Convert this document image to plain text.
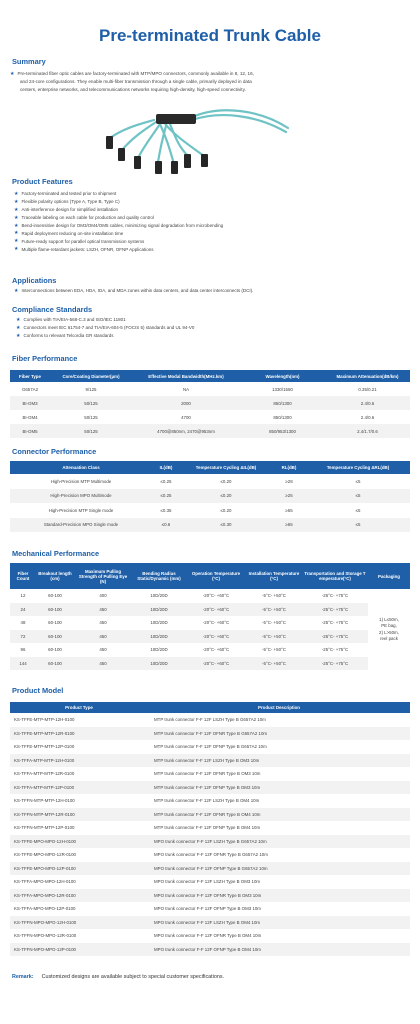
Pre-terminated Trunk Cable
Summary
★ Pre-terminated fiber optic cables are factory-terminated with MTP/MPO connectors, commonly available in 8, 12, 16,
and 24-core configurations. They enable multi-fiber transmission through a single cable, primarily deployed in data
centers, enterprise networks, and telecommunications networks requiring high-density, high-speed connectivity.
Product Features
★ Factory-terminated and tested prior to shipment
★ Flexible polarity options (Type A, Type B, Type C)
★ Anti-interference design for simplified installation
★ Traceable labeling on each cable for production and quality control
★ Bend-insensitive design for OM3/OM4/OM5 cables, minimizing signal degradation from microbending
★ Rapid deployment reducing on-site installation time
★ Future-ready support for parallel optical transmission systems
★ Multiple flame-retardant jackets: LSZH, OFNR, OFNP Applications
Applications
★ Interconnections between EDA, HDA, IDA, and MDA zones within data centers, and data center interconnects (DCI).
Compliance Standards
★ Complies with TIA/EIA-568-C.3 and ISO/IEC 11801
★ Connectors meet IEC 61754-7 and TIA/EIA-604-5 (FOCIS 5) standards and UL 94-V0
★ Conforms to relevant Telcordia GR standards
Fiber Performance
Fiber Type	Core/Coating Diameter(μm)	Effective Modal Bandwidth(MHz.km)	Wavelength(nm)	Maximum Attenuation(dB/km)
G657A2	9/125	NA	1330/1550	0.35/0.21
BI-OM3	50/125	2000	850/1300	2.4/0.6
BI-OM4	50/125	4700	850/1300	2.4/0.6
BI-OM5	50/125	4700@850nm, 2470@953nm	850/953/1300	2.4/1.7/0.6
Connector Performance
Attenuation Class	IL(dB)	Temperature Cycling ΔIL(dB)	RL(dB)	Temperature Cycling ΔRL(dB)
High-Precision MTP Multimode	≤0.25	≤0.20	≥28	≤5
High-Precision MPO Multimode	≤0.25	≤0.20	≥25	≤5
High-Precision MTP Single mode	≤0.35	≤0.20	≥65	≤5
Standard-Precision MPO Single mode	≤0.6	≤0.30	≥65	≤5
Mechanical Performance
Fiber Count	Breakout length (cm)	Maximum Pulling Strength of Pulling Eye (N)	Bending Radius Static/Dynamic (mm)	Operation Temperature (°C)	Installation Temperature (°C)	Transportation and Storage T emperature(°C)	Packaging
12	60-100	400	10D/20D	-20°C- +60°C	-5°C- +50°C	-25°C- +75°C	1) L≤50m,
PE bag,
2) L>50m,
reel pack

24	60-100	450	10D/20D	-20°C- +60°C	-5°C- +50°C	-25°C- +75°C	
48	60-100	450	10D/20D	-20°C- +60°C	-5°C- +50°C	-25°C- +75°C	
72	60-100	450	10D/20D	-20°C- +60°C	-5°C- +50°C	-25°C- +75°C	
96	60-100	450	10D/20D	-20°C- +60°C	-5°C- +50°C	-25°C- +75°C	
144	60-100	450	10D/20D	-20°C- +60°C	-5°C- +50°C	-25°C- +75°C	
Product Model
Product Type	Product Description
KS-TFFE-MTP-MTP-12H-0100	MTP trunk connector F-F 12F LSZH Type B G657A2 10m
KS-TFFE-MTP-MTP-12R-0100	MTP trunk connector F-F 12F OFNR Type B G657A2 10m
KS-TFFE-MTP-MTP-12P-0100	MTP trunk connector F-F 12F OFNP Type B G657A2 10m
KS-TFFA-MTP-MTP-12H-0100	MTP trunk connector F-F 12F LSZH Type B OM3 10m
KS-TFFA-MTP-MTP-12R-0100	MTP trunk connector F-F 12F OFNR Type B OM3 10m
KS-TFFA-MTP-MTP-12P-0100	MTP trunk connector F-F 12F OFNP Type B OM3 10m
KS-TFFN-MTP-MTP-12H-0100	MTP trunk connector F-F 12F LSZH Type B OM4 10m
KS-TFFN-MTP-MTP-12R-0100	MTP trunk connector F-F 12F OFNR Type B OM4 10m
KS-TFFN-MTP-MTP-12P-0100	MTP trunk connector F-F 12F OFNP Type B OM4 10m
KS-TFFE-MPO-MPO-12H-0100	MPO trunk connector F-F 12F LSZH Type B G657A2 10m
KS-TFFE-MPO-MPO-12R-0100	MPO trunk connector F-F 12F OFNR Type B G657A2 10m
KS-TFFE-MPO-MPO-12P-0100	MPO trunk connector F-F 12F OFNP Type B G657A2 10m
KS-TFFA-MPO-MPO-12H-0100	MPO trunk connector F-F 12F LSZH Type B OM3 10m
KS-TFFA-MPO-MPO-12R-0100	MPO trunk connector F-F 12F OFNR Type B OM3 10m
KS-TFFA-MPO-MPO-12P-0100	MPO trunk connector F-F 12F OFNP Type B OM3 10m
KS-TFFN-MPO-MPO-12H-0100	MPO trunk connector F-F 12F LSZH Type B OM4 10m
KS-TFFN-MPO-MPO-12R-0100	MPO trunk connector F-F 12F OFNR Type B OM4 10m
KS-TFFN-MPO-MPO-12P-0100	MPO trunk connector F-F 12F OFNP Type B OM4 10m
Remark: Customized designs are available subject to special customer specifications.
